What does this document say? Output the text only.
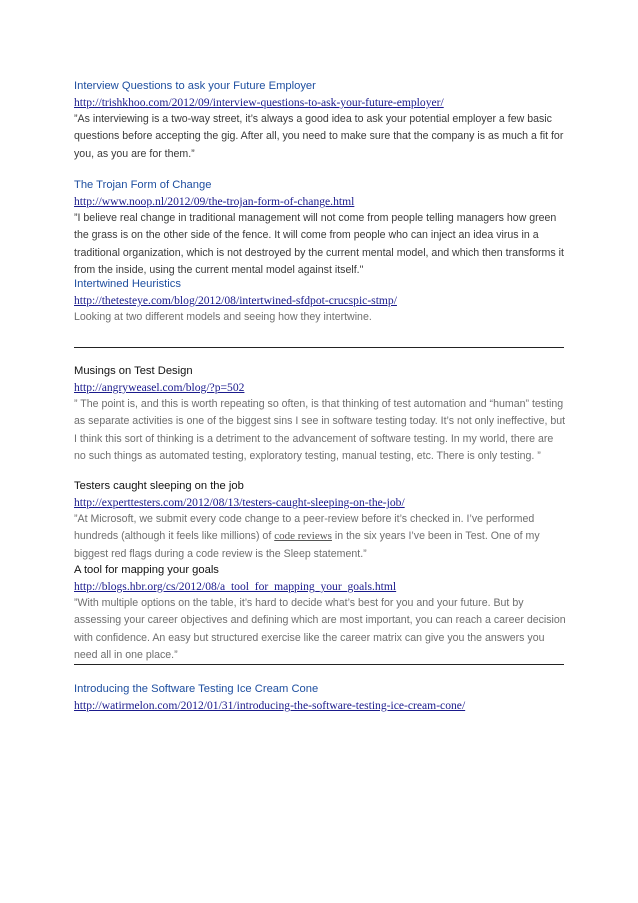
Interview Questions to ask your Future Employer
http://trishkhoo.com/2012/09/interview-questions-to-ask-your-future-employer/

”As interviewing is a two-way street, it’s always a good idea to ask your potential employer a few basic questions before accepting the gig. After all, you need to make sure that the company is as much a fit for you, as you are for them.”

The Trojan Form of Change
http://www.noop.nl/2012/09/the-trojan-form-of-change.html

”I believe real change in traditional management will not come from people telling managers how green the grass is on the other side of the fence. It will come from people who can inject an idea virus in a traditional organization, which is not destroyed by the current mental model, and which then transforms it from the inside, using the current mental model against itself."

Intertwined Heuristics
http://thetesteye.com/blog/2012/08/intertwined-sfdpot-crucspic-stmp/

Looking at two different models and seeing how they intertwine.

Musings on Test Design
http://angryweasel.com/blog/?p=502

” The point is, and this is worth repeating so often, is that thinking of test automation and “human” testing as separate activities is one of the biggest sins I see in software testing today. It’s not only ineffective, but I think this sort of thinking is a detriment to the advancement of software testing. In my world, there are no such things as automated testing, exploratory testing, manual testing, etc. There is only testing. ”

Testers caught sleeping on the job
http://experttesters.com/2012/08/13/testers-caught-sleeping-on-the-job/

”At Microsoft, we submit every code change to a peer-review before it’s checked in. I’ve performed hundreds (although it feels like millions) of code reviews in the six years I’ve been in Test. One of my biggest red flags during a code review is the Sleep statement.”

A tool for mapping your goals
http://blogs.hbr.org/cs/2012/08/a_tool_for_mapping_your_goals.html

”With multiple options on the table, it’s hard to decide what’s best for you and your future. But by assessing your career objectives and defining which are most important, you can reach a career decision with confidence. An easy but structured exercise like the career matrix can give you the answers you need all in one place.”

Introducing the Software Testing Ice Cream Cone
http://watirmelon.com/2012/01/31/introducing-the-software-testing-ice-cream-cone/
